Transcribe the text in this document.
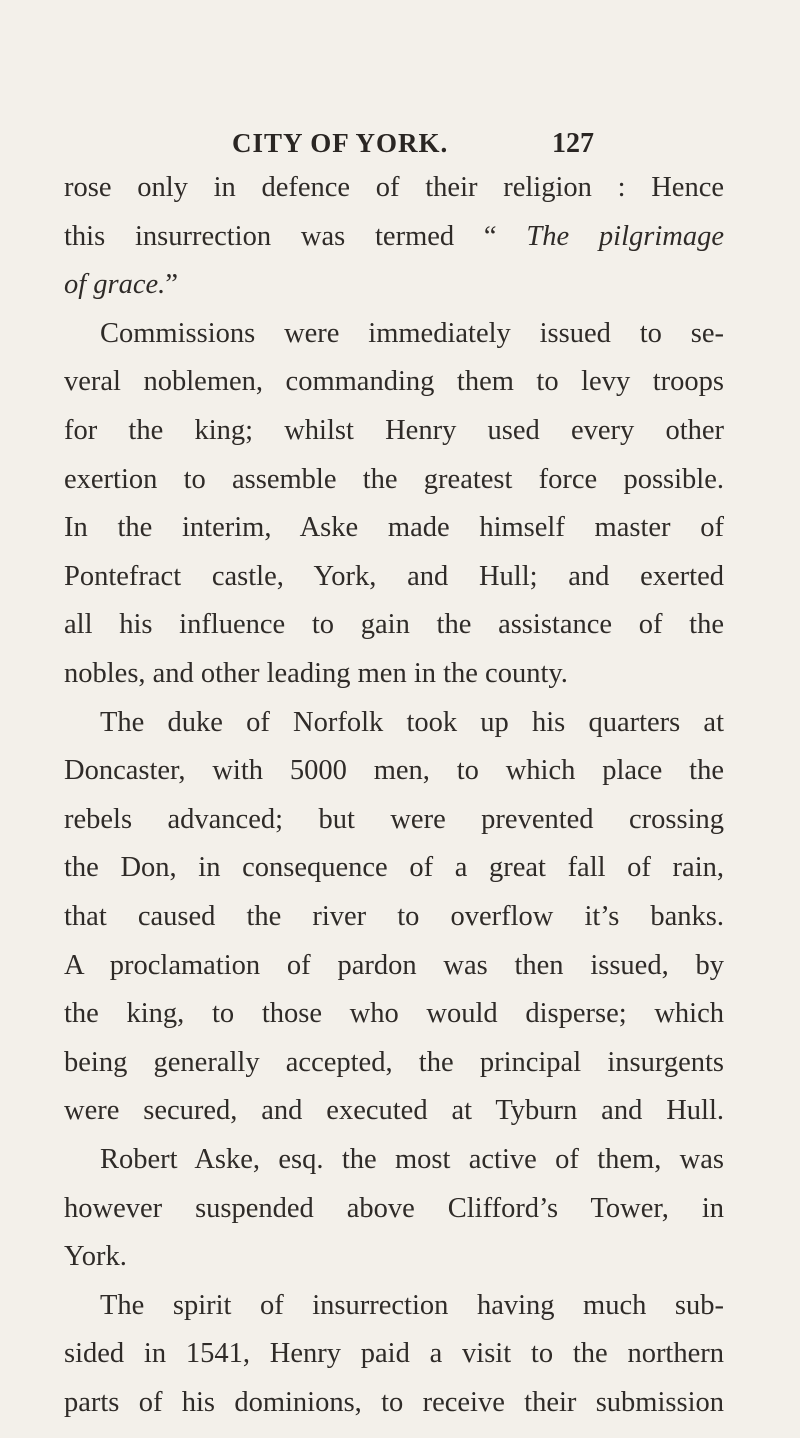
CITY OF YORK.	127
rose only in defence of their religion : Hence
this insurrection was termed “ The pilgrimage
of grace.”
Commissions were immediately issued to se-
veral noblemen, commanding them to levy troops
for the king; whilst Henry used every other
exertion to assemble the greatest force possible.
In the interim, Aske made himself master of
Pontefract castle, York, and Hull; and exerted
all his influence to gain the assistance of the
nobles, and other leading men in the county.
The duke of Norfolk took up his quarters at
Doncaster, with 5000 men, to which place the
rebels advanced; but were prevented crossing
the Don, in consequence of a great fall of rain,
that caused the river to overflow it’s banks.
A proclamation of pardon was then issued, by
the king, to those who would disperse; which
being generally accepted, the principal insurgents
were secured, and executed at Tyburn and Hull.
Robert Aske, esq. the most active of them, was
however suspended above Clifford’s Tower, in
York.
The spirit of insurrection having much sub-
sided in 1541, Henry paid a visit to the northern
parts of his dominions, to receive their submission
